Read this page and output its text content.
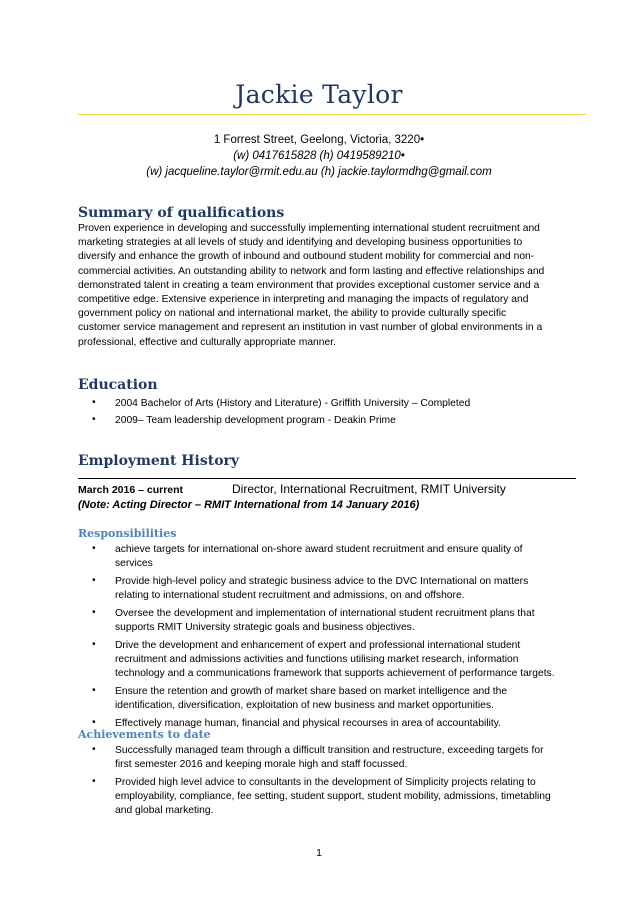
Jackie Taylor
1 Forrest Street, Geelong, Victoria, 3220•
(w) 0417615828 (h) 0419589210•
(w) jacqueline.taylor@rmit.edu.au (h) jackie.taylormdhg@gmail.com
Summary of qualifications
Proven experience in developing and successfully implementing international student recruitment and
marketing strategies at all levels of study and identifying and developing business opportunities to
diversify and enhance the growth of inbound and outbound student mobility for commercial and non-
commercial activities. An outstanding ability to network and form lasting and effective relationships and
demonstrated talent in creating a team environment that provides exceptional customer service and a
competitive edge. Extensive experience in interpreting and managing the impacts of regulatory and
government policy on national and international market, the ability to provide culturally specific
customer service management and represent an institution in vast number of global environments in a
professional, effective and culturally appropriate manner.
Education
• 2004 Bachelor of Arts (History and Literature) - Griffith University – Completed
• 2009– Team leadership development program - Deakin Prime
Employment History
March 2016 – current	Director, International Recruitment, RMIT University
(Note: Acting Director – RMIT International from 14 January 2016)
Responsibilities
• achieve targets for international on-shore award student recruitment and ensure quality of
services
• Provide high-level policy and strategic business advice to the DVC International on matters
relating to international student recruitment and admissions, on and offshore.
• Oversee the development and implementation of international student recruitment plans that
supports RMIT University strategic goals and business objectives.
• Drive the development and enhancement of expert and professional international student
recruitment and admissions activities and functions utilising market research, information
technology and a communications framework that supports achievement of performance targets.
• Ensure the retention and growth of market share based on market intelligence and the
identification, diversification, exploitation of new business and market opportunities.
• Effectively manage human, financial and physical recourses in area of accountability.
Achievements to date
• Successfully managed team through a difficult transition and restructure, exceeding targets for
first semester 2016 and keeping morale high and staff focussed.
• Provided high level advice to consultants in the development of Simplicity projects relating to
employability, compliance, fee setting, student support, student mobility, admissions, timetabling
and global marketing.
1
